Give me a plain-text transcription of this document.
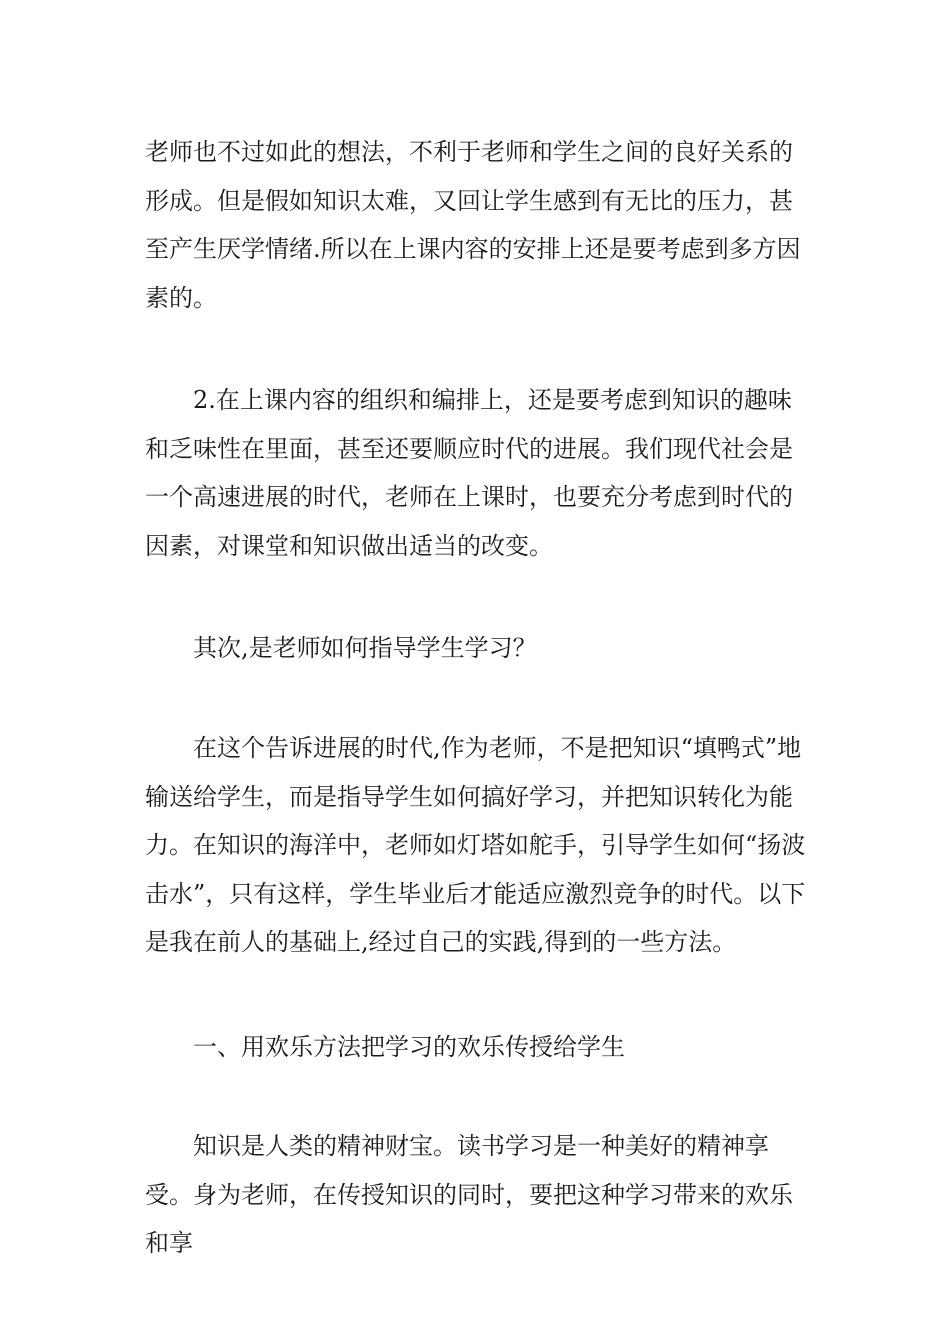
老师也不过如此的想法，不利于老师和学生之间的良好关系的形成。但是假如知识太难，又回让学生感到有无比的压力，甚至产生厌学情绪.所以在上课内容的安排上还是要考虑到多方因素的。

2.在上课内容的组织和编排上，还是要考虑到知识的趣味和乏味性在里面，甚至还要顺应时代的进展。我们现代社会是一个高速进展的时代，老师在上课时，也要充分考虑到时代的因素，对课堂和知识做出适当的改变。

其次,是老师如何指导学生学习？

在这个告诉进展的时代,作为老师，不是把知识“填鸭式”地输送给学生，而是指导学生如何搞好学习，并把知识转化为能力。在知识的海洋中，老师如灯塔如舵手，引导学生如何“扬波击水”，只有这样，学生毕业后才能适应激烈竞争的时代。以下是我在前人的基础上,经过自己的实践,得到的一些方法。

一、用欢乐方法把学习的欢乐传授给学生

知识是人类的精神财宝。读书学习是一种美好的精神享受。身为老师，在传授知识的同时，要把这种学习带来的欢乐和享
